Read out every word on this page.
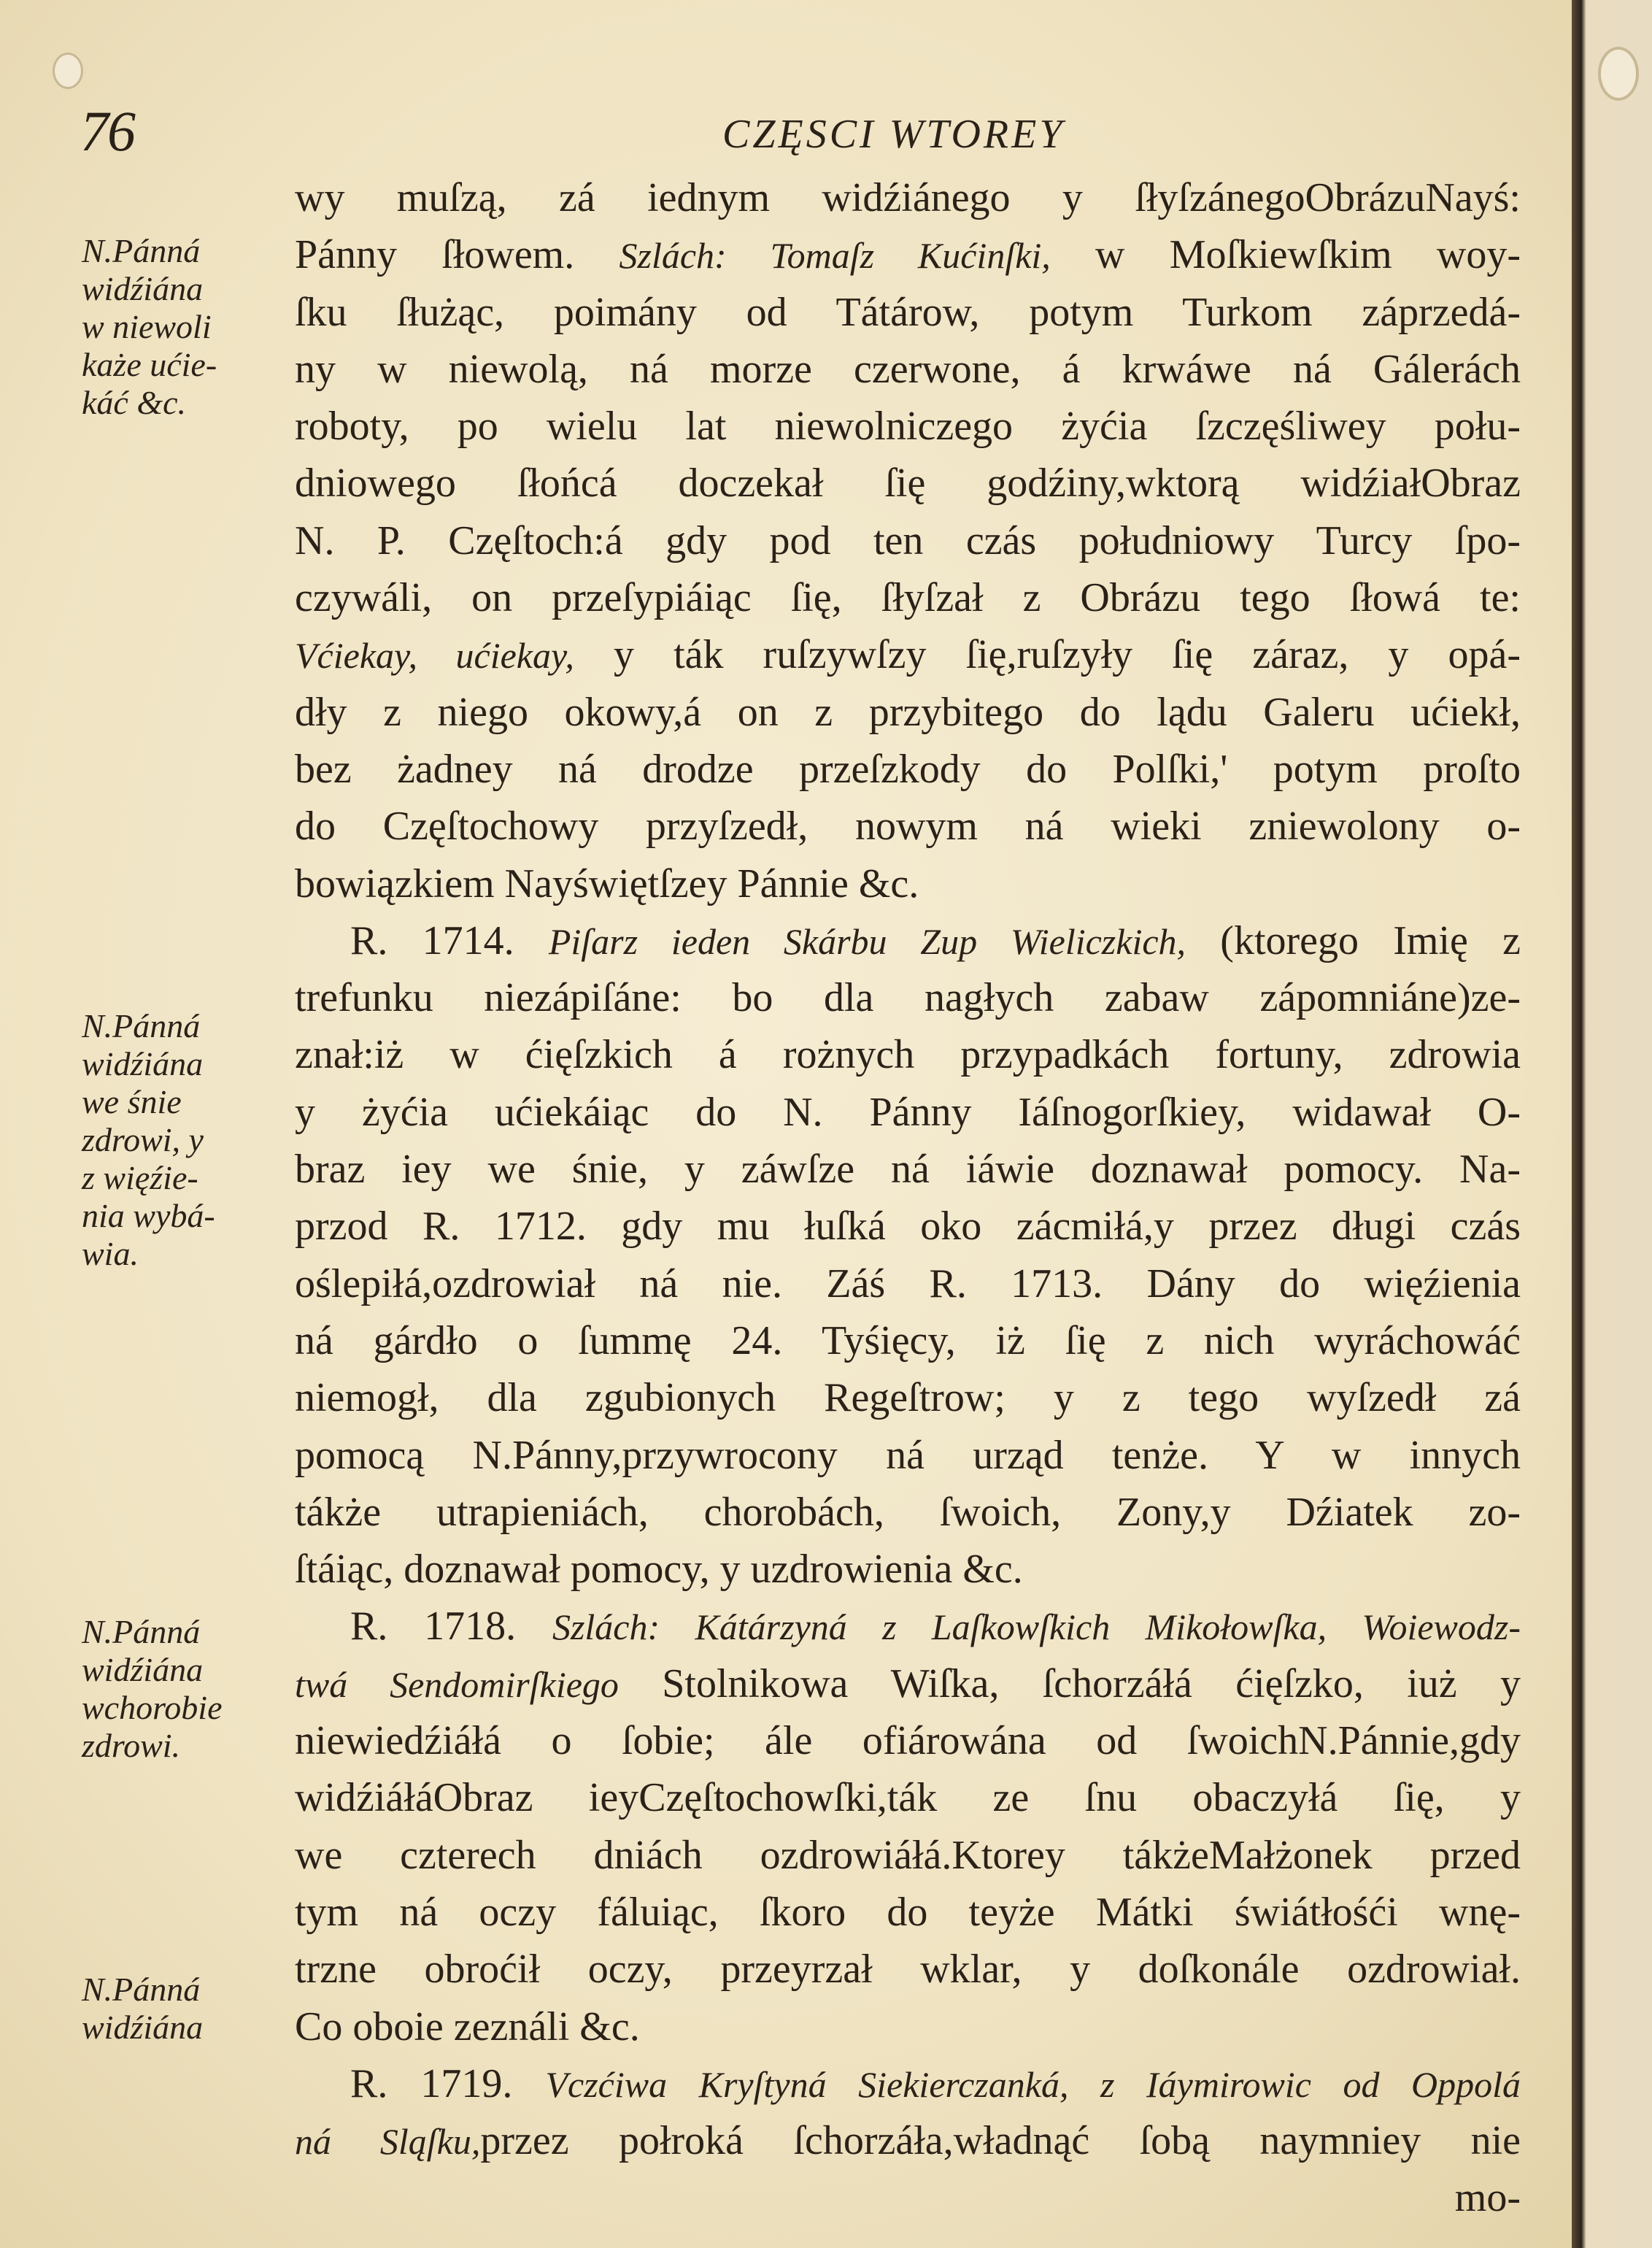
76	CZĘSCI WTOREY
wy muſzą, zá iednym widźiánego y ſłyſzánegoObrázuNayś:
Pánny ſłowem. Szlách: Tomaſz Kućinſki, w Moſkiewſkim woy-
ſku ſłużąc, poimány od Tátárow, potym Turkom záprzedá-
ny w niewolą, ná morze czerwone, á krwáwe ná Gálerách
roboty, po wielu lat niewolniczego żyćia ſzczęśliwey połu-
dniowego ſłońcá doczekał ſię godźiny,wktorą widźiałObraz
N. P. Częſtoch:á gdy pod ten czás południowy Turcy ſpo-
czywáli, on przeſypiáiąc ſię, ſłyſzał z Obrázu tego ſłowá te:
Vćiekay, ućiekay, y ták ruſzywſzy ſię,ruſzyły ſię záraz, y opá-
dły z niego okowy,á on z przybitego do lądu Galeru ućiekł,
bez żadney ná drodze przeſzkody do Polſki,' potym proſto
do Częſtochowy przyſzedł, nowym ná wieki zniewolony o-
bowiązkiem Nayświętſzey Pánnie &c.
R. 1714. Piſarz ieden Skárbu Zup Wieliczkich, (ktorego Imię z
trefunku niezápiſáne: bo dla nagłych zabaw zápomniáne)ze-
znał:iż w ćięſzkich á rożnych przypadkách fortuny, zdrowia
y żyćia ućiekáiąc do N. Pánny Iáſnogorſkiey, widawał O-
braz iey we śnie, y záwſze ná iáwie doznawał pomocy. Na-
przod R. 1712. gdy mu łuſká oko zácmiłá,y przez długi czás
oślepiłá,ozdrowiał ná nie. Záś R. 1713. Dány do więźienia
ná gárdło o ſummę 24. Tyśięcy, iż ſię z nich wyráchowáć
niemogł, dla zgubionych Regeſtrow; y z tego wyſzedł zá
pomocą N.Pánny,przywrocony ná urząd tenże. Y w innych
tákże utrapieniách, chorobách, ſwoich, Zony,y Dźiatek zo-
ſtáiąc, doznawał pomocy, y uzdrowienia &c.
R. 1718. Szlách: Kátárzyná z Laſkowſkich Mikołowſka, Woiewodz-
twá Sendomirſkiego Stolnikowa Wiſka, ſchorzáłá ćięſzko, iuż y
niewiedźiáłá o ſobie; ále ofiárowána od ſwoichN.Pánnie,gdy
widźiáłáObraz ieyCzęſtochowſki,ták ze ſnu obaczyłá ſię, y
we czterech dniách ozdrowiáłá.Ktorey tákżeMałżonek przed
tym ná oczy fáluiąc, ſkoro do teyże Mátki świátłośći wnę-
trzne obroćił oczy, przeyrzał wklar, y doſkonále ozdrowiał.
Co oboie zeználi &c.
R. 1719. Vczćiwa Kryſtyná Siekierczanká, z Iáymirowic od Oppolá
ná Sląſku,przez połroká ſchorzáła,władnąć ſobą naymniey nie
mo-
N.Pánná
widźiána
w niewoli
każe ućie-
káć &c.
N.Pánná
widźiána
we śnie
zdrowi, y
z więźie-
nia wybá-
wia.
N.Pánná
widźiána
wchorobie
zdrowi.
N.Pánná
widźiána
